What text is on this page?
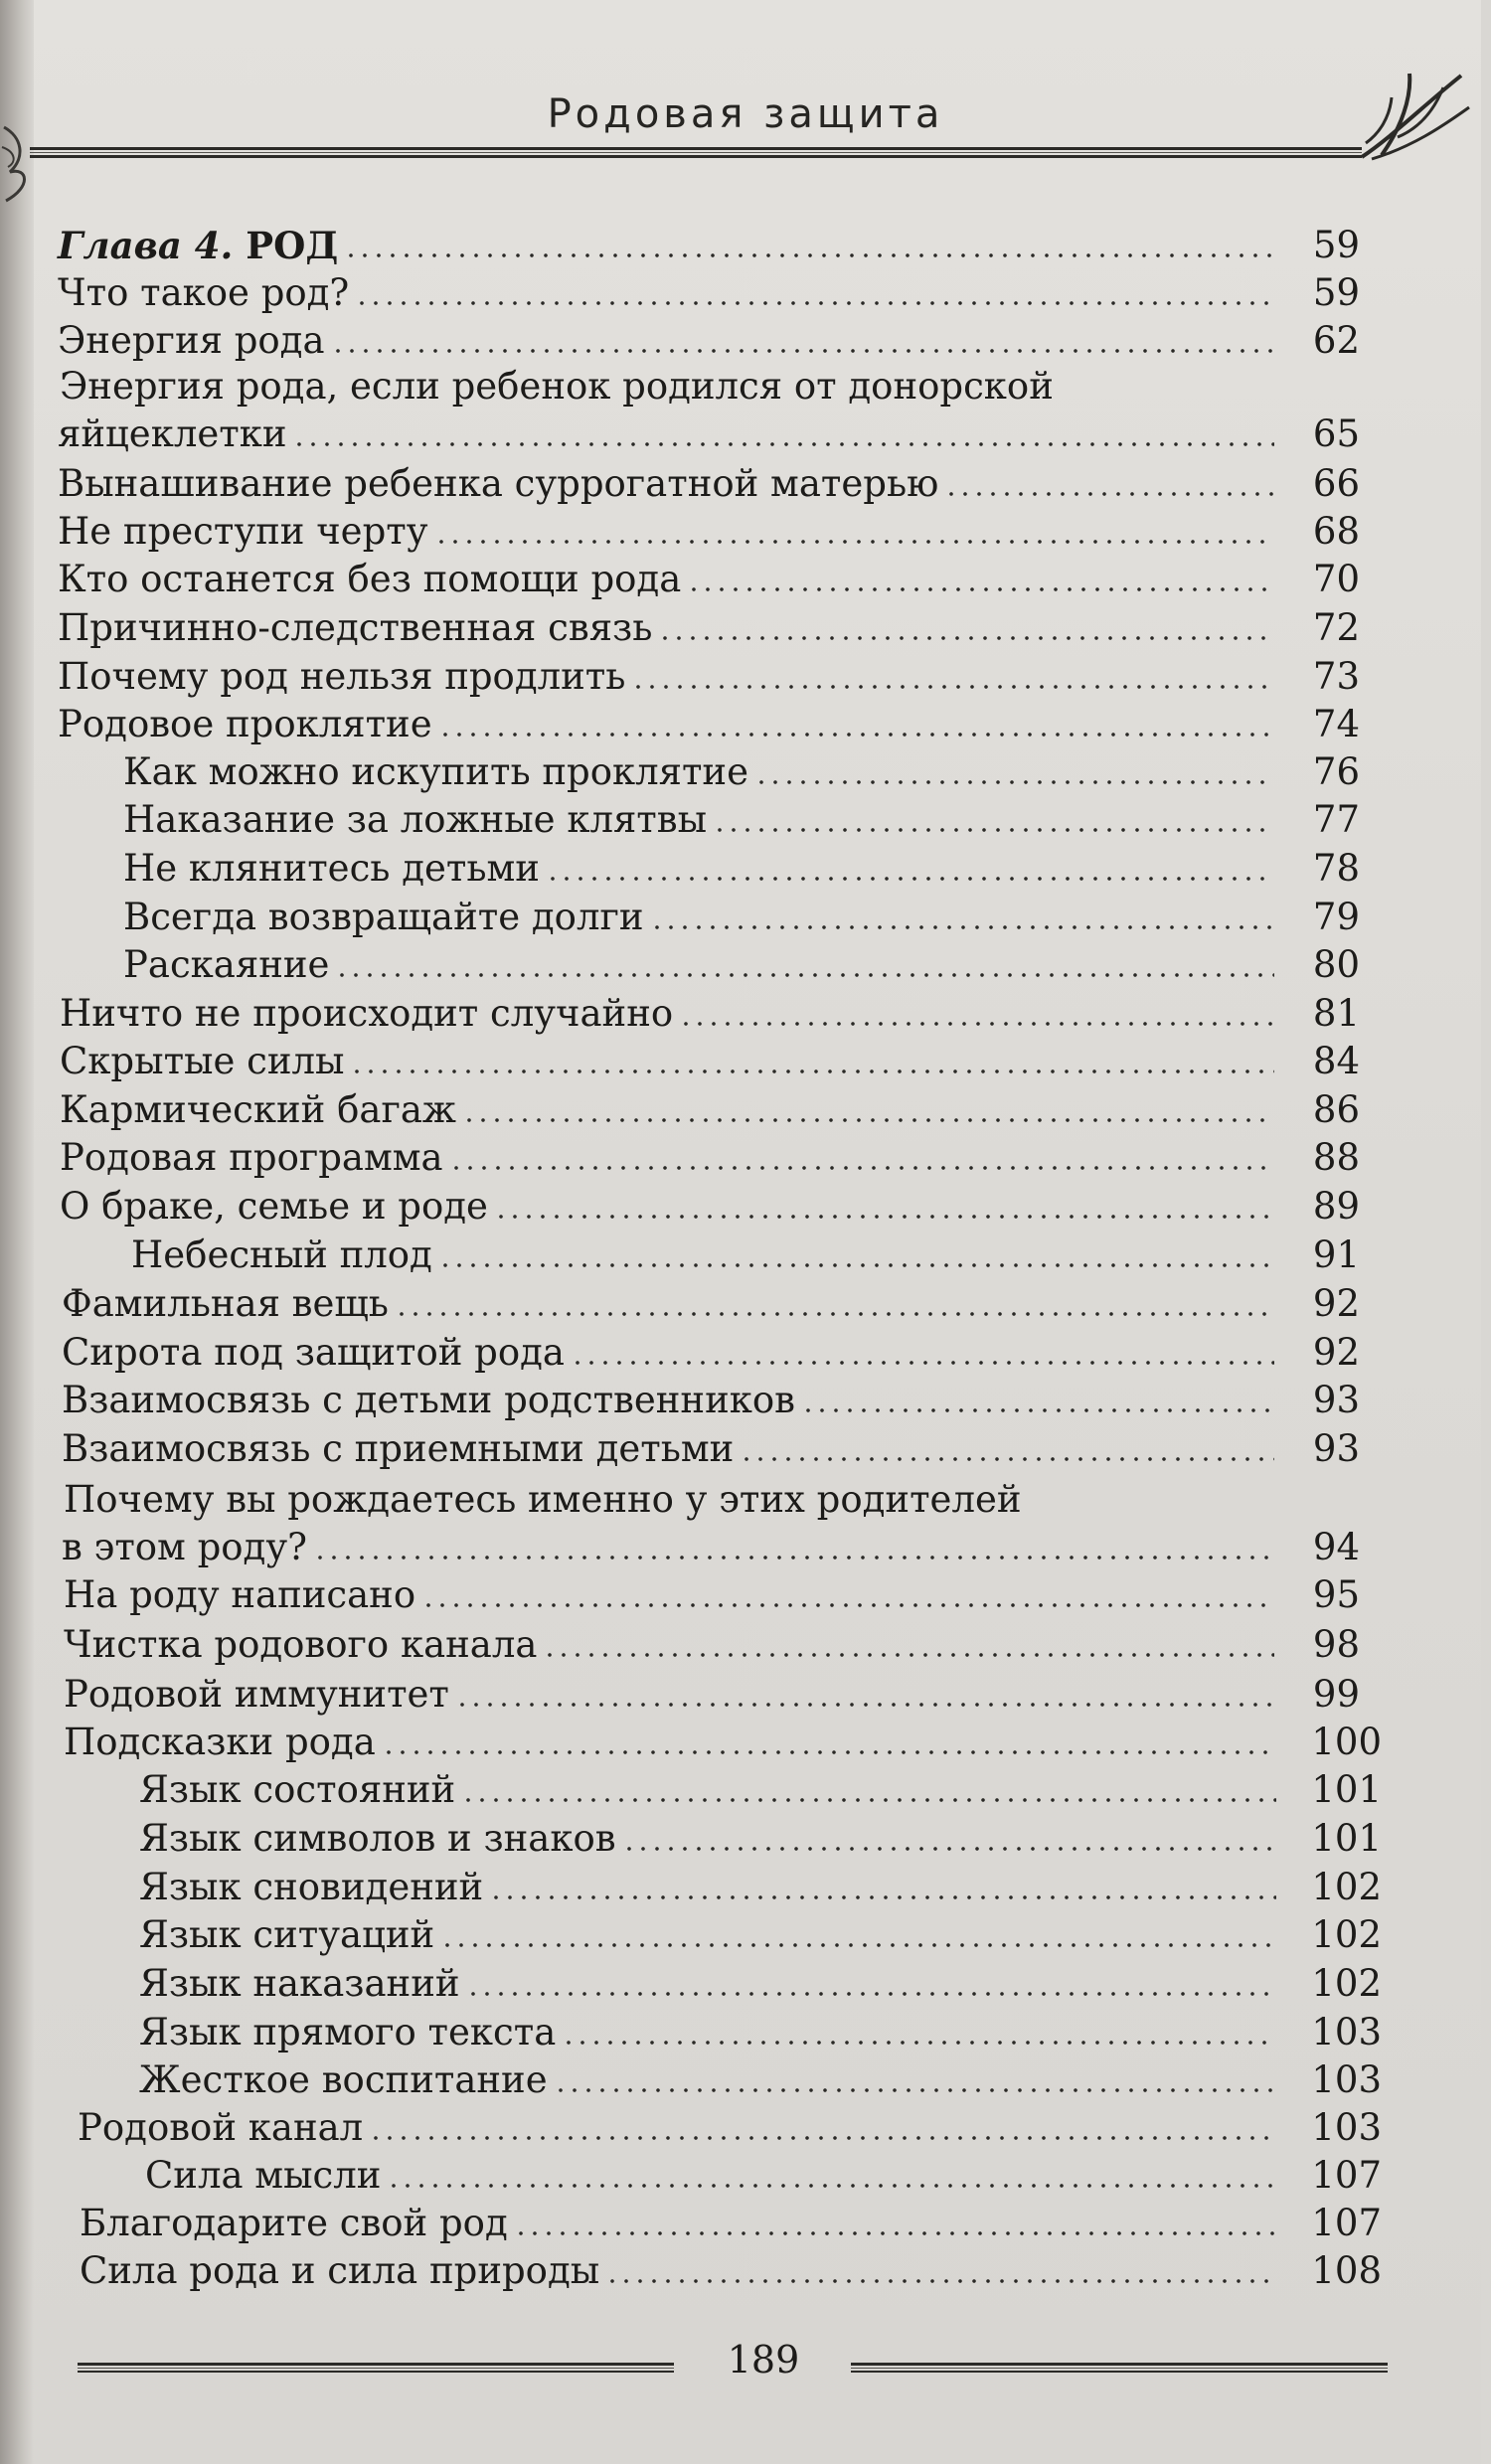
Родовая защита
Глава 4. РОД	59
Что такое род?	59
Энергия рода	62
Энергия рода, если ребенок родился от донорской
яйцеклетки	65
Вынашивание ребенка суррогатной матерью	66
Не преступи черту	68
Кто останется без помощи рода	70
Причинно-следственная связь	72
Почему род нельзя продлить	73
Родовое проклятие	74
Как можно искупить проклятие	76
Наказание за ложные клятвы	77
Не клянитесь детьми	78
Всегда возвращайте долги	79
Раскаяние	80
Ничто не происходит случайно	81
Скрытые силы	84
Кармический багаж	86
Родовая программа	88
О браке, семье и роде	89
Небесный плод	91
Фамильная вещь	92
Сирота под защитой рода	92
Взаимосвязь с детьми родственников	93
Взаимосвязь с приемными детьми	93
Почему вы рождаетесь именно у этих родителей
в этом роду?	94
На роду написано	95
Чистка родового канала	98
Родовой иммунитет	99
Подсказки рода	100
Язык состояний	101
Язык символов и знаков	101
Язык сновидений	102
Язык ситуаций	102
Язык наказаний	102
Язык прямого текста	103
Жесткое воспитание	103
Родовой канал	103
Сила мысли	107
Благодарите свой род	107
Сила рода и сила природы	108
189
